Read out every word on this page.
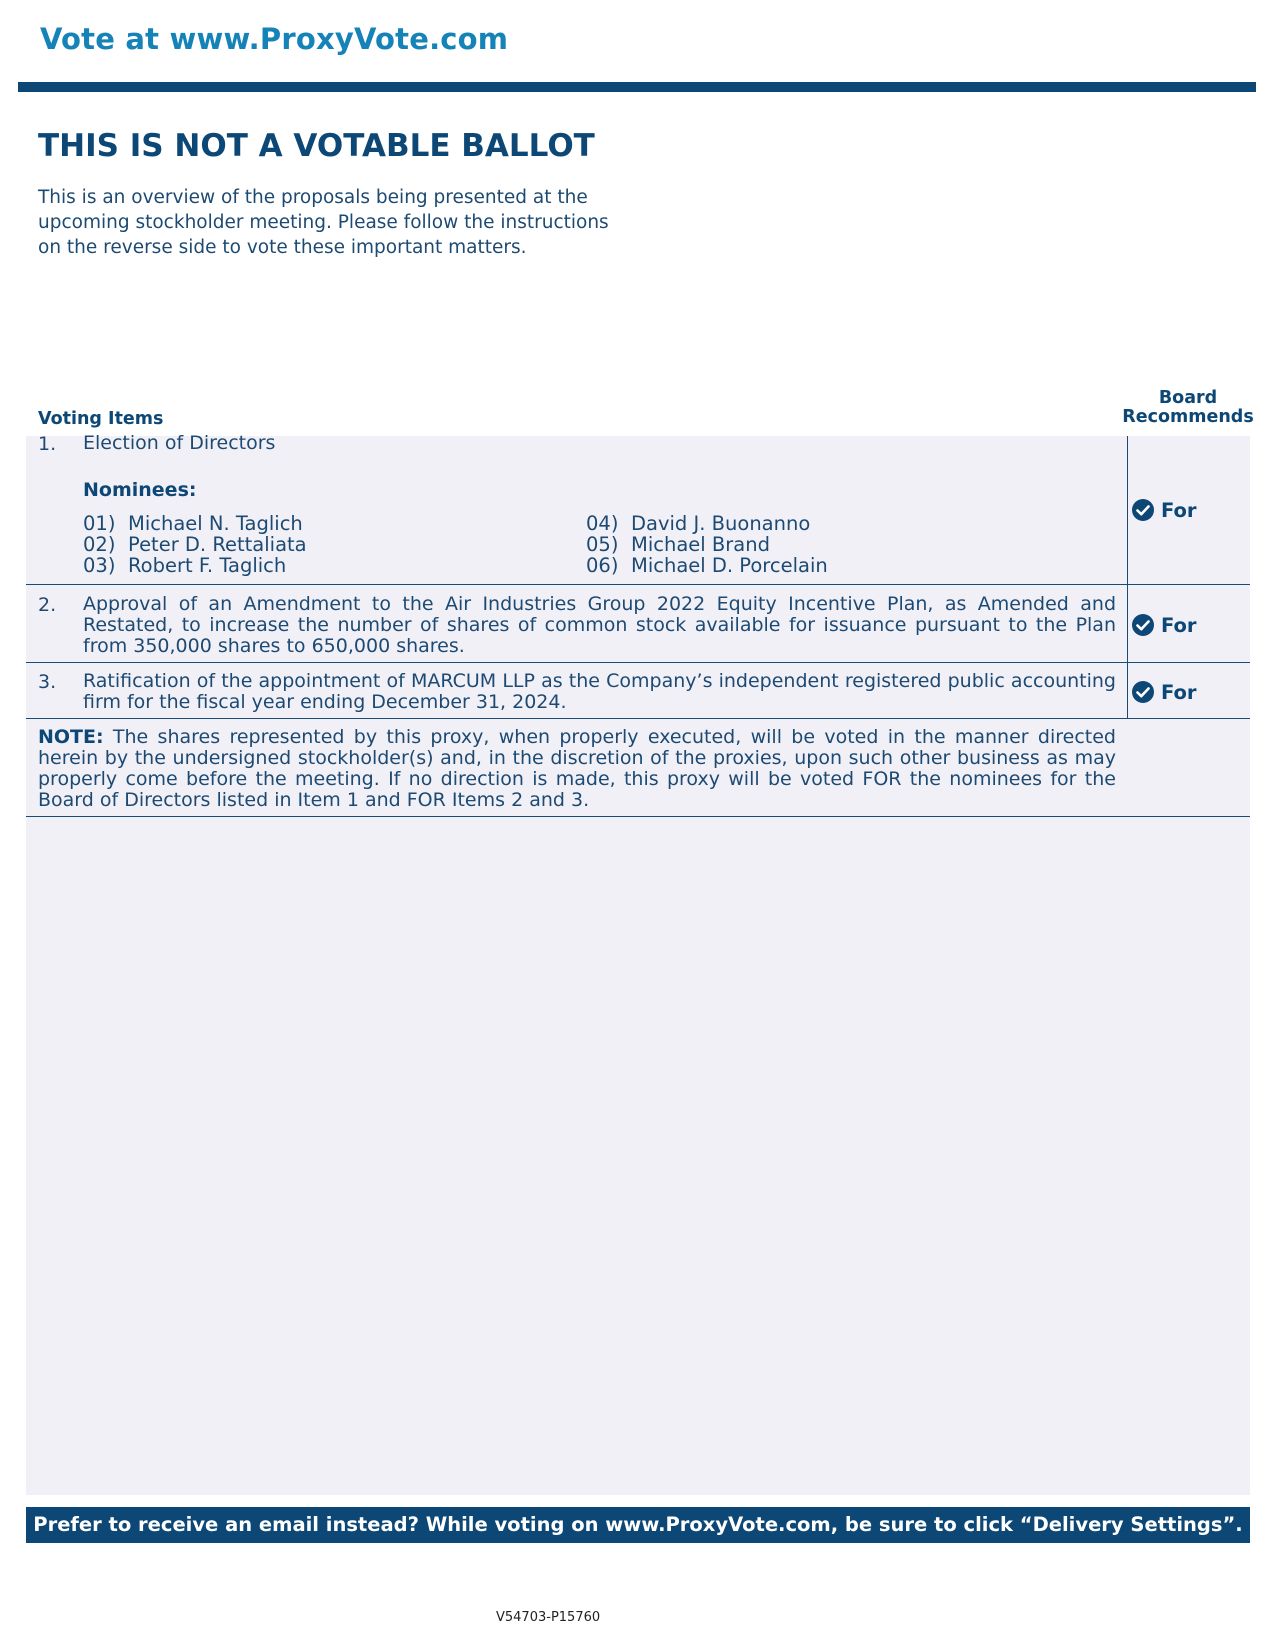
Vote at www.ProxyVote.com
THIS IS NOT A VOTABLE BALLOT
This is an overview of the proposals being presented at the upcoming stockholder meeting. Please follow the instructions on the reverse side to vote these important matters.
Voting Items
Board
Recommends
1. Election of Directors
Nominees:
01) Michael N. Taglich
02) Peter D. Rettaliata
03) Robert F. Taglich
04) David J. Buonanno
05) Michael Brand
06) Michael D. Porcelain
For
2. Approval of an Amendment to the Air Industries Group 2022 Equity Incentive Plan, as Amended and Restated, to increase the number of shares of common stock available for issuance pursuant to the Plan from 350,000 shares to 650,000 shares.
For
3. Ratification of the appointment of MARCUM LLP as the Company’s independent registered public accounting firm for the fiscal year ending December 31, 2024.	For
NOTE: The shares represented by this proxy, when properly executed, will be voted in the manner directed herein by the undersigned stockholder(s) and, in the discretion of the proxies, upon such other business as may properly come before the meeting. If no direction is made, this proxy will be voted FOR the nominees for the Board of Directors listed in Item 1 and FOR Items 2 and 3.
Prefer to receive an email instead? While voting on www.ProxyVote.com, be sure to click “Delivery Settings”.
V54703-P15760
